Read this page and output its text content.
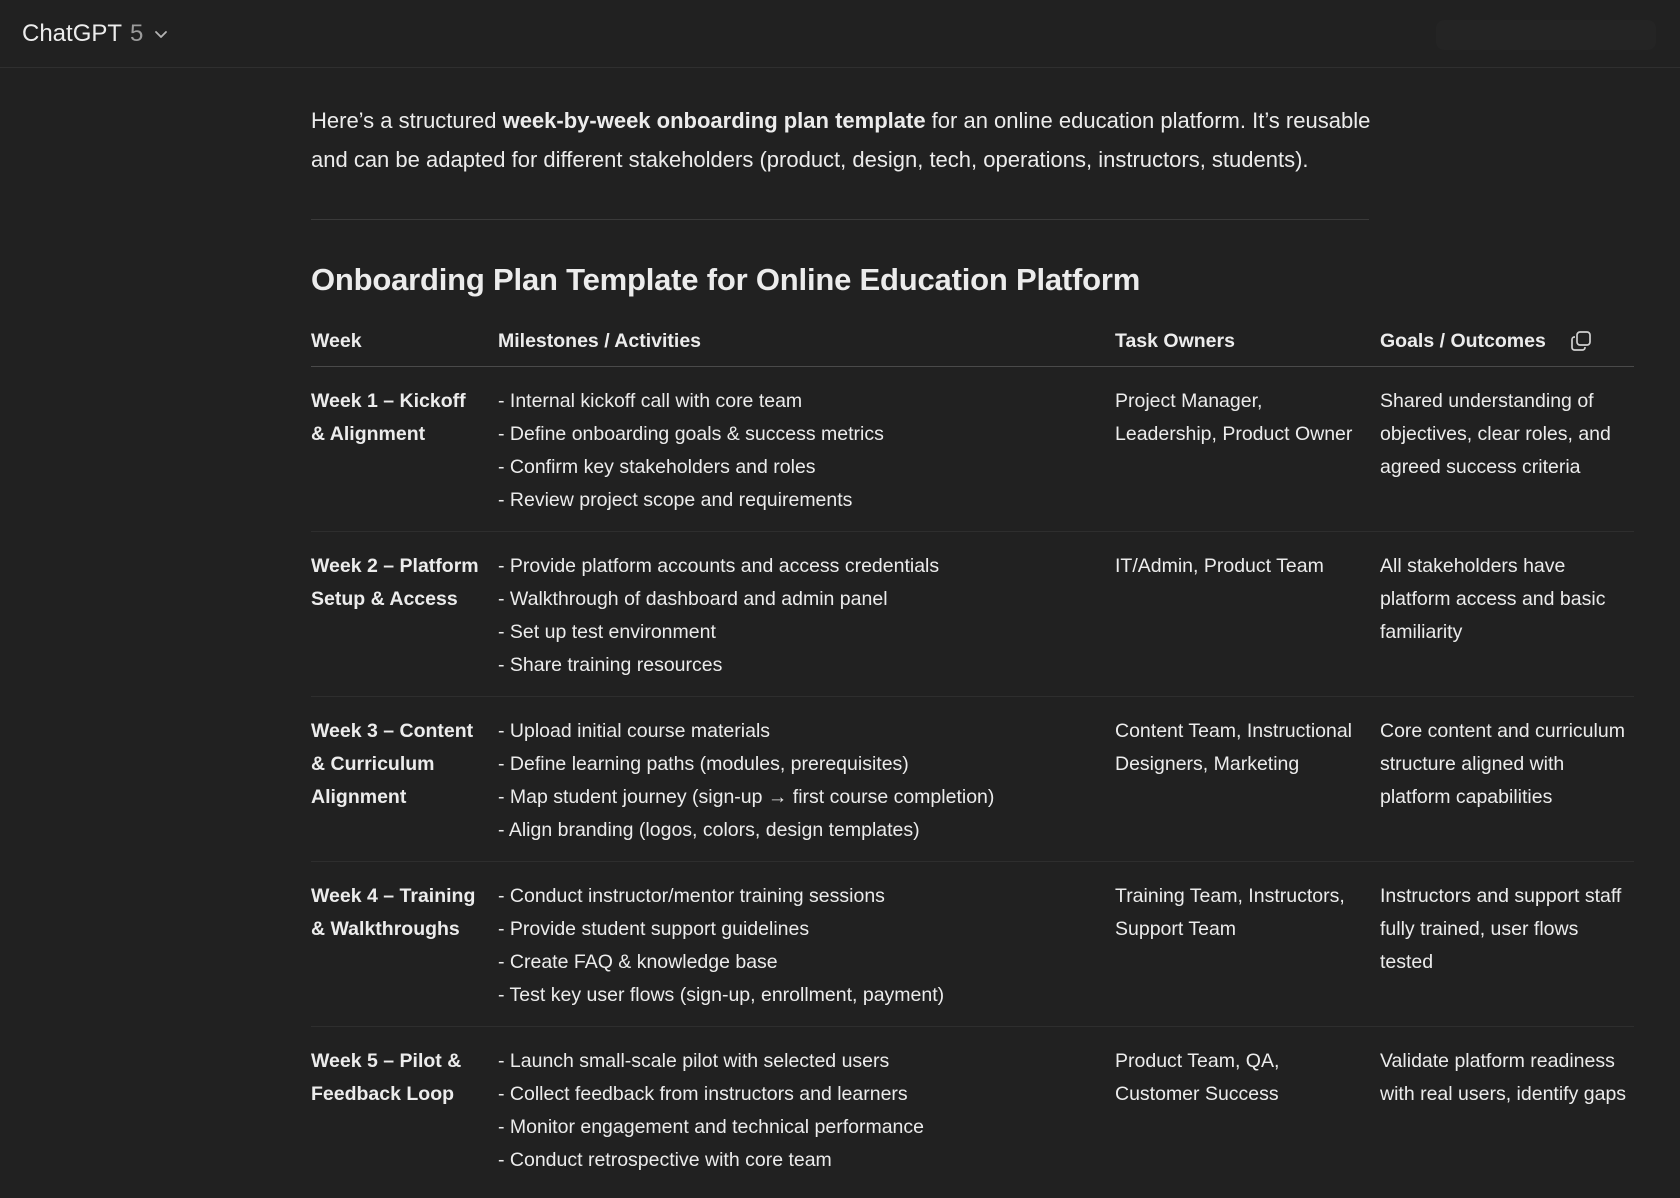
ChatGPT 5

Here’s a structured week-by-week onboarding plan template for an online education platform. It’s reusable and can be adapted for different stakeholders (product, design, tech, operations, instructors, students).

Onboarding Plan Template for Online Education Platform
Week	Milestones / Activities	Task Owners	Goals / Outcomes

Week 1 – Kickoff & Alignment	- Internal kickoff call with core team
- Define onboarding goals & success metrics
- Confirm key stakeholders and roles
- Review project scope and requirements	Project Manager, Leadership, Product Owner	Shared understanding of objectives, clear roles, and agreed success criteria
Week 2 – Platform Setup & Access	- Provide platform accounts and access credentials
- Walkthrough of dashboard and admin panel
- Set up test environment
- Share training resources	IT/Admin, Product Team	All stakeholders have platform access and basic familiarity
Week 3 – Content & Curriculum Alignment	- Upload initial course materials
- Define learning paths (modules, prerequisites)
- Map student journey (sign-up → first course completion)
- Align branding (logos, colors, design templates)	Content Team, Instructional Designers, Marketing	Core content and curriculum structure aligned with platform capabilities
Week 4 – Training & Walkthroughs	- Conduct instructor/mentor training sessions
- Provide student support guidelines
- Create FAQ & knowledge base
- Test key user flows (sign-up, enrollment, payment)	Training Team, Instructors, Support Team	Instructors and support staff fully trained, user flows tested
Week 5 – Pilot & Feedback Loop	- Launch small-scale pilot with selected users
- Collect feedback from instructors and learners
- Monitor engagement and technical performance
- Conduct retrospective with core team	Product Team, QA, Customer Success	Validate platform readiness with real users, identify gaps
